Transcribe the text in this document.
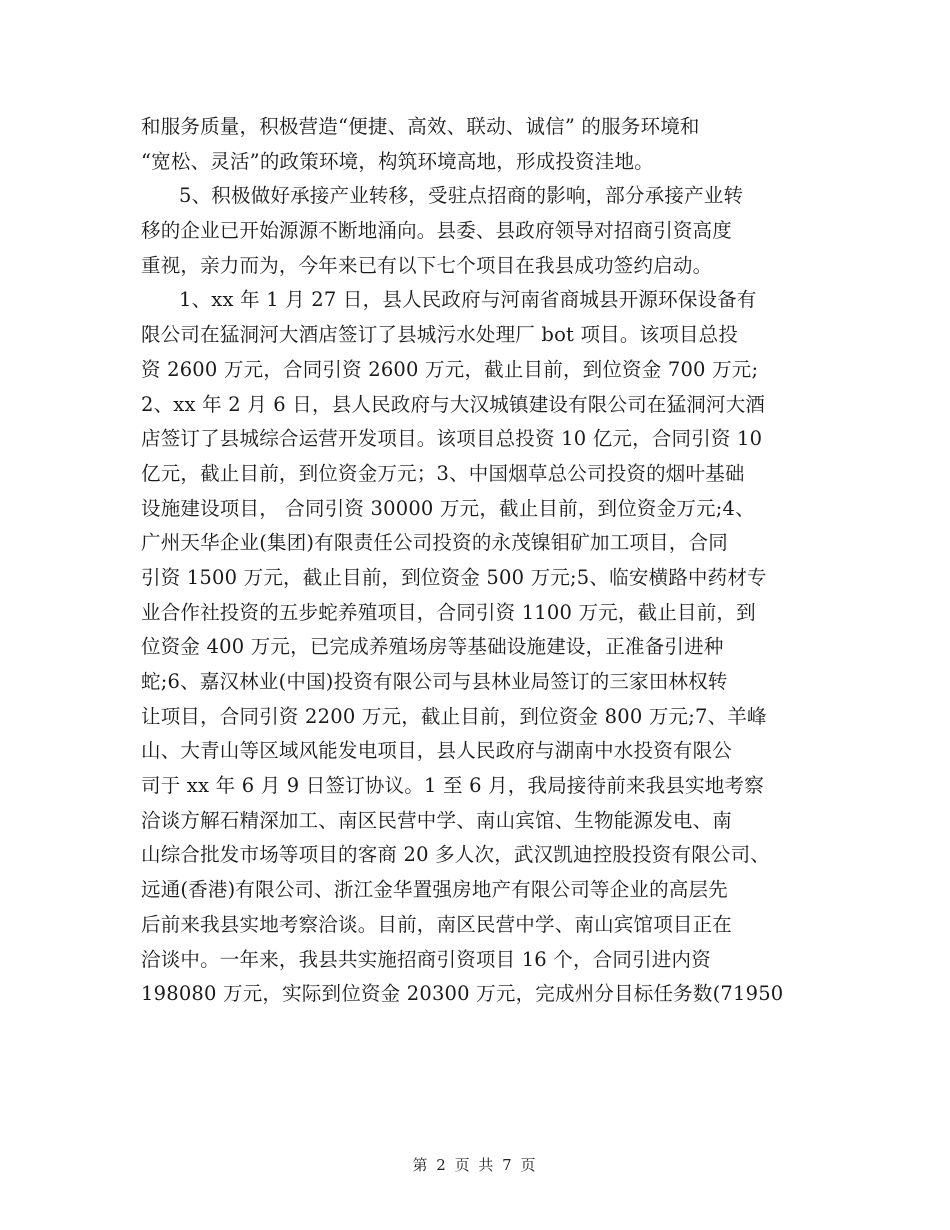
和服务质量，积极营造“便捷、高效、联动、诚信” 的服务环境和
“宽松、灵活”的政策环境，构筑环境高地，形成投资洼地。
5、积极做好承接产业转移，受驻点招商的影响，部分承接产业转
移的企业已开始源源不断地涌向。县委、县政府领导对招商引资高度
重视，亲力而为，今年来已有以下七个项目在我县成功签约启动。
1、xx 年 1 月 27 日，县人民政府与河南省商城县开源环保设备有
限公司在猛洞河大酒店签订了县城污水处理厂 bot 项目。该项目总投
资 2600 万元，合同引资 2600 万元，截止目前，到位资金 700 万元;
2、xx 年 2 月 6 日，县人民政府与大汉城镇建设有限公司在猛洞河大酒
店签订了县城综合运营开发项目。该项目总投资 10 亿元，合同引资 10
亿元，截止目前，到位资金万元；3、中国烟草总公司投资的烟叶基础
设施建设项目， 合同引资 30000 万元，截止目前，到位资金万元;4、
广州天华企业(集团)有限责任公司投资的永茂镍钼矿加工项目，合同
引资 1500 万元，截止目前，到位资金 500 万元;5、临安横路中药材专
业合作社投资的五步蛇养殖项目，合同引资 1100 万元，截止目前，到
位资金 400 万元，已完成养殖场房等基础设施建设，正准备引进种
蛇;6、嘉汉林业(中国)投资有限公司与县林业局签订的三家田林权转
让项目，合同引资 2200 万元，截止目前，到位资金 800 万元;7、羊峰
山、大青山等区域风能发电项目，县人民政府与湖南中水投资有限公
司于 xx 年 6 月 9 日签订协议。1 至 6 月，我局接待前来我县实地考察
洽谈方解石精深加工、南区民营中学、南山宾馆、生物能源发电、南
山综合批发市场等项目的客商 20 多人次，武汉凯迪控股投资有限公司、
远通(香港)有限公司、浙江金华置强房地产有限公司等企业的高层先
后前来我县实地考察洽谈。目前，南区民营中学、南山宾馆项目正在
洽谈中。一年来，我县共实施招商引资项目 16 个，合同引进内资
198080 万元，实际到位资金 20300 万元，完成州分目标任务数(71950
第 2 页 共 7 页
